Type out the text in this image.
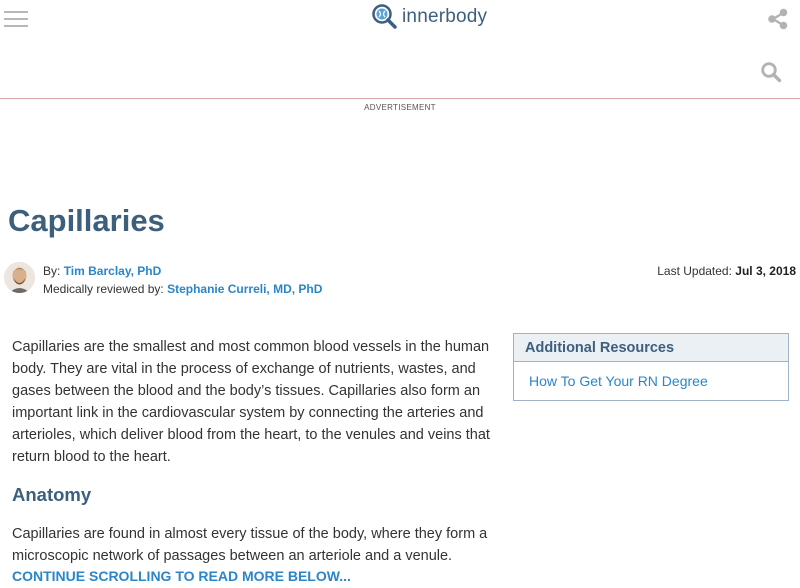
innerbody
ADVERTISEMENT
Capillaries
By: Tim Barclay, PhD
Medically reviewed by: Stephanie Curreli, MD, PhD
Last Updated: Jul 3, 2018

Capillaries are the smallest and most common blood vessels in the human body. They are vital in the process of exchange of nutrients, wastes, and gases between the blood and the body’s tissues. Capillaries also form an important link in the cardiovascular system by connecting the arteries and arterioles, which deliver blood from the heart, to the venules and veins that return blood to the heart.

Anatomy

Capillaries are found in almost every tissue of the body, where they form a microscopic network of passages between an arteriole and a venule.

CONTINUE SCROLLING TO READ MORE BELOW...
Additional Resources
How To Get Your RN Degree
